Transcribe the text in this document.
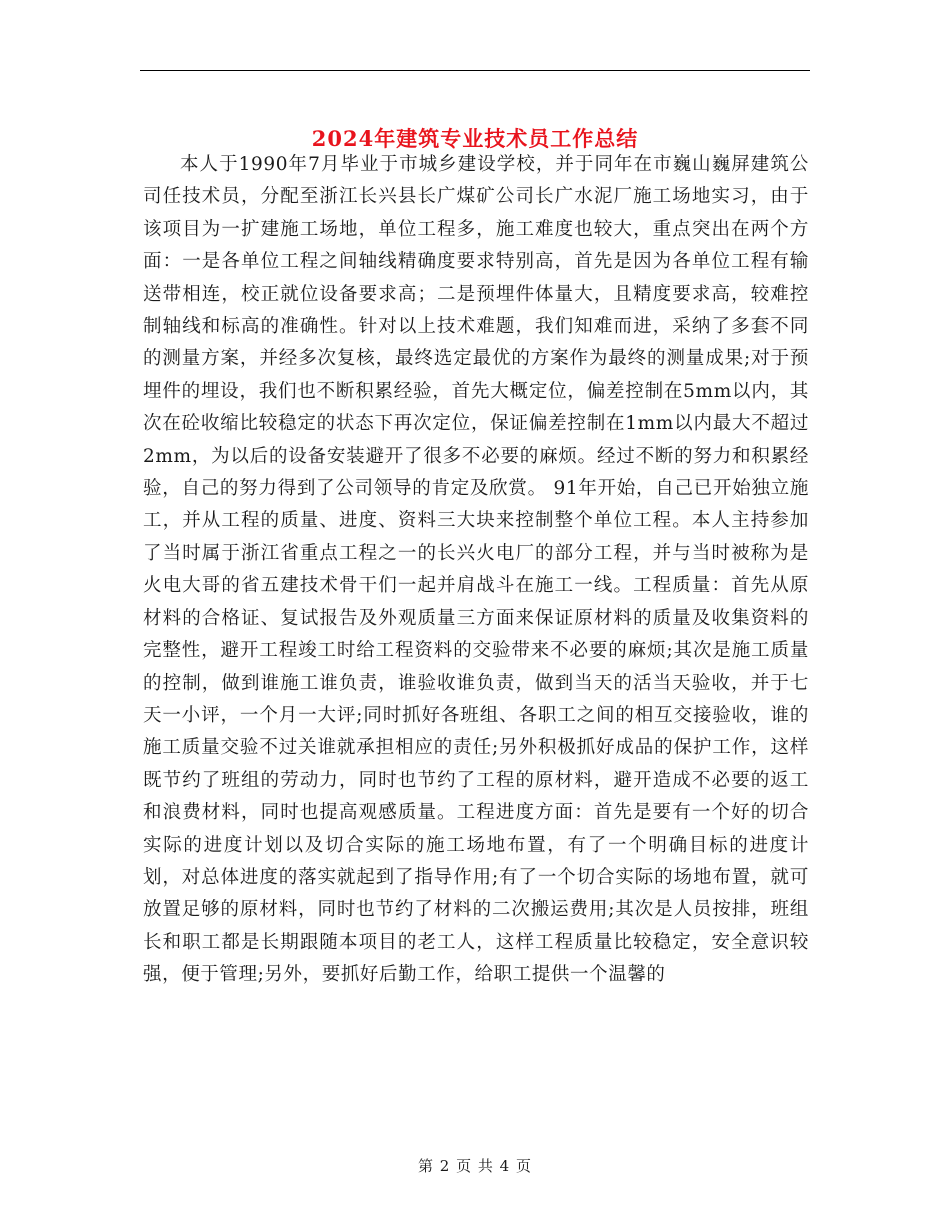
2024年建筑专业技术员工作总结

本人于1990年7月毕业于市城乡建设学校，并于同年在市巍山巍屏建筑公司任技术员，分配至浙江长兴县长广煤矿公司长广水泥厂施工场地实习，由于该项目为一扩建施工场地，单位工程多，施工难度也较大，重点突出在两个方面：一是各单位工程之间轴线精确度要求特别高，首先是因为各单位工程有输送带相连，校正就位设备要求高；二是预埋件体量大，且精度要求高，较难控制轴线和标高的准确性。针对以上技术难题，我们知难而进，采纳了多套不同的测量方案，并经多次复核，最终选定最优的方案作为最终的测量成果;对于预埋件的埋设，我们也不断积累经验，首先大概定位，偏差控制在5mm以内，其次在砼收缩比较稳定的状态下再次定位，保证偏差控制在1mm以内最大不超过2mm，为以后的设备安装避开了很多不必要的麻烦。经过不断的努力和积累经验，自己的努力得到了公司领导的肯定及欣赏。 91年开始，自己已开始独立施工，并从工程的质量、进度、资料三大块来控制整个单位工程。本人主持参加了当时属于浙江省重点工程之一的长兴火电厂的部分工程，并与当时被称为是火电大哥的省五建技术骨干们一起并肩战斗在施工一线。工程质量：首先从原材料的合格证、复试报告及外观质量三方面来保证原材料的质量及收集资料的完整性，避开工程竣工时给工程资料的交验带来不必要的麻烦;其次是施工质量的控制，做到谁施工谁负责，谁验收谁负责，做到当天的活当天验收，并于七天一小评，一个月一大评;同时抓好各班组、各职工之间的相互交接验收，谁的施工质量交验不过关谁就承担相应的责任;另外积极抓好成品的保护工作，这样既节约了班组的劳动力，同时也节约了工程的原材料，避开造成不必要的返工和浪费材料，同时也提高观感质量。工程进度方面：首先是要有一个好的切合实际的进度计划以及切合实际的施工场地布置，有了一个明确目标的进度计划，对总体进度的落实就起到了指导作用;有了一个切合实际的场地布置，就可放置足够的原材料，同时也节约了材料的二次搬运费用;其次是人员按排，班组长和职工都是长期跟随本项目的老工人，这样工程质量比较稳定，安全意识较强，便于管理;另外，要抓好后勤工作，给职工提供一个温馨的

第 2 页 共 4 页
